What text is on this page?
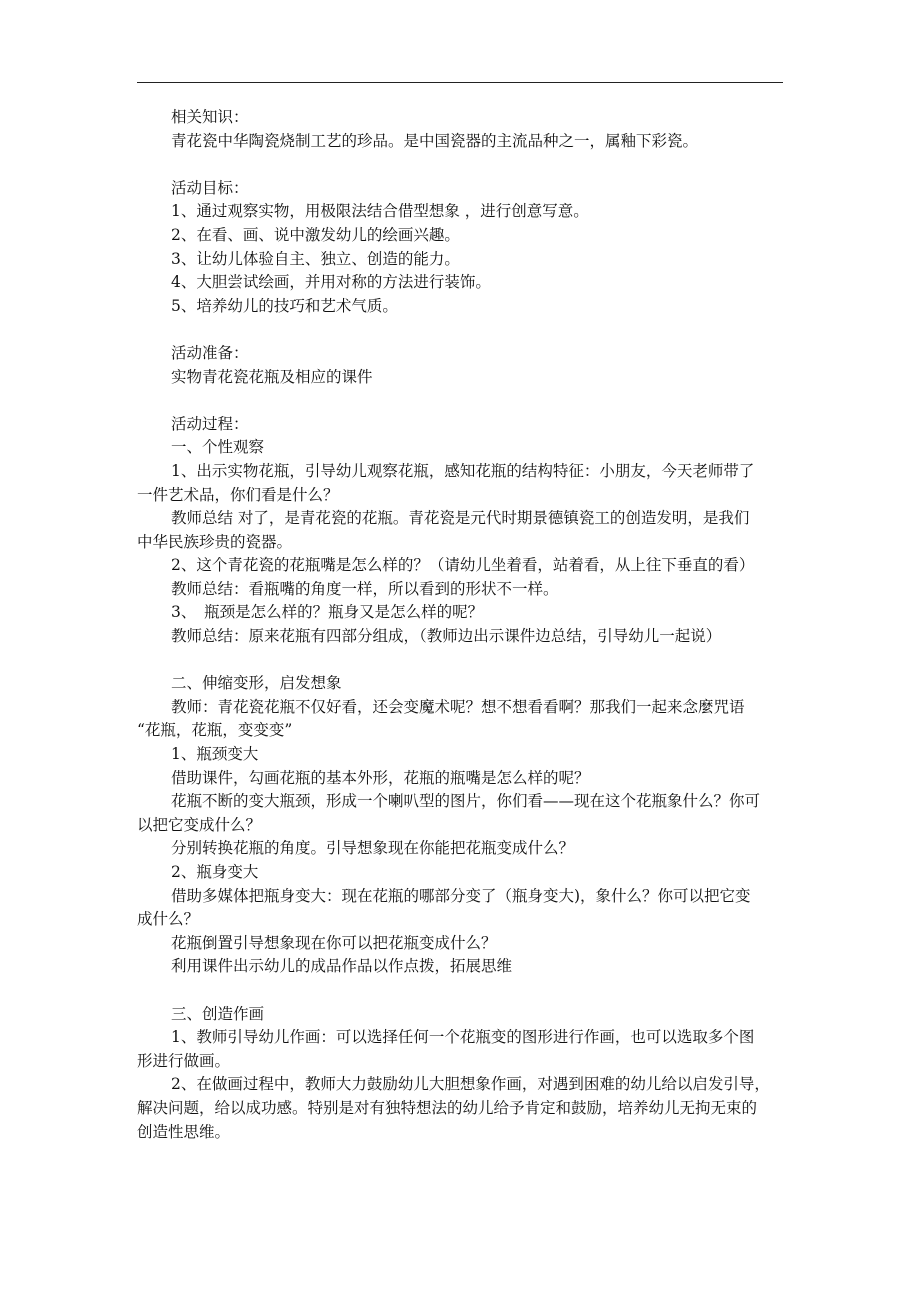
相关知识：
青花瓷中华陶瓷烧制工艺的珍品。是中国瓷器的主流品种之一，属釉下彩瓷。
活动目标：
1、通过观察实物，用极限法结合借型想象 ，进行创意写意。
2、在看、画、说中激发幼儿的绘画兴趣。
3、让幼儿体验自主、独立、创造的能力。
4、大胆尝试绘画，并用对称的方法进行装饰。
5、培养幼儿的技巧和艺术气质。
活动准备：
实物青花瓷花瓶及相应的课件
活动过程：
一、个性观察
1、出示实物花瓶，引导幼儿观察花瓶，感知花瓶的结构特征：小朋友，今天老师带了
一件艺术品，你们看是什么？
教师总结 对了，是青花瓷的花瓶。青花瓷是元代时期景德镇瓷工的创造发明，是我们
中华民族珍贵的瓷器。
2、这个青花瓷的花瓶嘴是怎么样的？（请幼儿坐着看，站着看，从上往下垂直的看）
教师总结：看瓶嘴的角度一样，所以看到的形状不一样。
3、　瓶颈是怎么样的？瓶身又是怎么样的呢？
教师总结：原来花瓶有四部分组成，（教师边出示课件边总结，引导幼儿一起说）
二、伸缩变形，启发想象
教师：青花瓷花瓶不仅好看，还会变魔术呢？想不想看看啊？那我们一起来念麼咒语
“花瓶，花瓶，变变变”
1、瓶颈变大
借助课件，勾画花瓶的基本外形，花瓶的瓶嘴是怎么样的呢？
花瓶不断的变大瓶颈，形成一个喇叭型的图片，你们看——现在这个花瓶象什么？你可
以把它变成什么？
分别转换花瓶的角度。引导想象现在你能把花瓶变成什么？
2、瓶身变大
借助多媒体把瓶身变大：现在花瓶的哪部分变了（瓶身变大)，象什么？你可以把它变
成什么？
花瓶倒置引导想象现在你可以把花瓶变成什么？
利用课件出示幼儿的成品作品以作点拨，拓展思维
三、创造作画
1、教师引导幼儿作画：可以选择任何一个花瓶变的图形进行作画，也可以选取多个图
形进行做画。
2、在做画过程中，教师大力鼓励幼儿大胆想象作画，对遇到困难的幼儿给以启发引导，
解决问题，给以成功感。特别是对有独特想法的幼儿给予肯定和鼓励，培养幼儿无拘无束的
创造性思维。
